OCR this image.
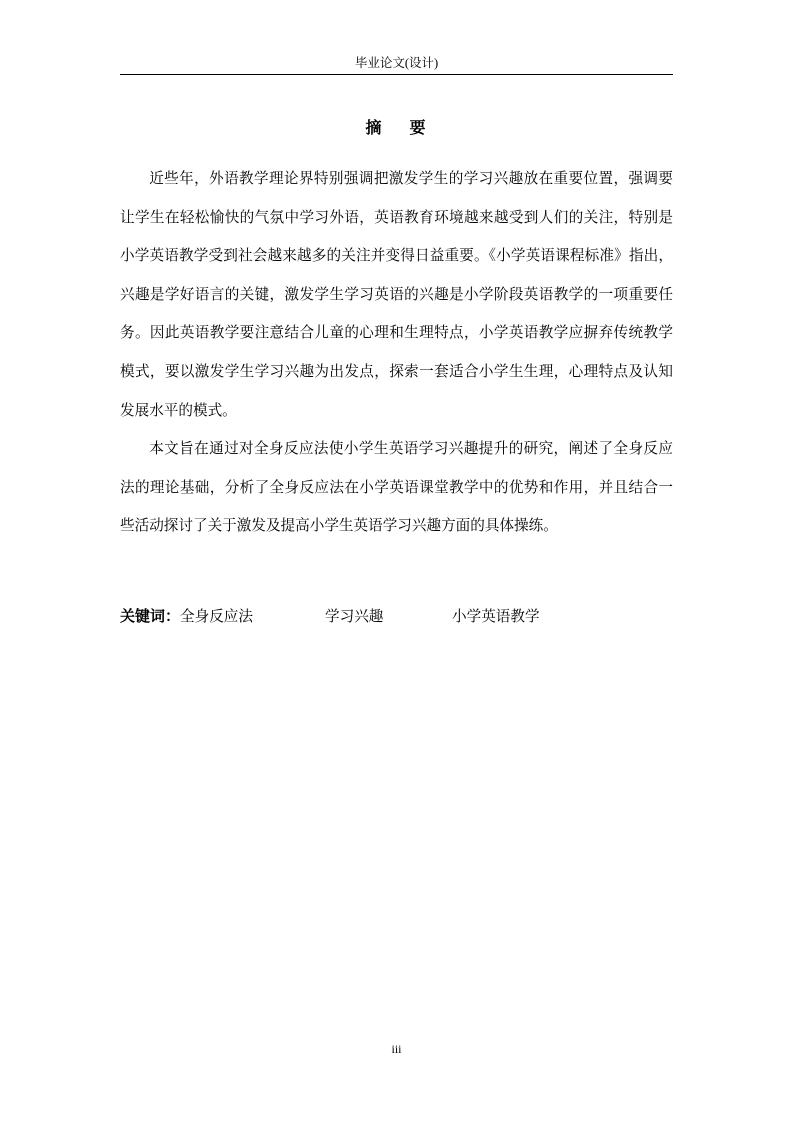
毕业论文(设计)
摘 要

近些年，外语教学理论界特别强调把激发学生的学习兴趣放在重要位置，强调要让学生在轻松愉快的气氛中学习外语，英语教育环境越来越受到人们的关注，特别是小学英语教学受到社会越来越多的关注并变得日益重要。《小学英语课程标准》指出，兴趣是学好语言的关键，激发学生学习英语的兴趣是小学阶段英语教学的一项重要任务。因此英语教学要注意结合儿童的心理和生理特点，小学英语教学应摒弃传统教学模式，要以激发学生学习兴趣为出发点，探索一套适合小学生生理，心理特点及认知发展水平的模式。

本文旨在通过对全身反应法使小学生英语学习兴趣提升的研究，阐述了全身反应法的理论基础，分析了全身反应法在小学英语课堂教学中的优势和作用，并且结合一些活动探讨了关于激发及提高小学生英语学习兴趣方面的具体操练。

关键词：全身反应法	学习兴趣	小学英语教学
iii
